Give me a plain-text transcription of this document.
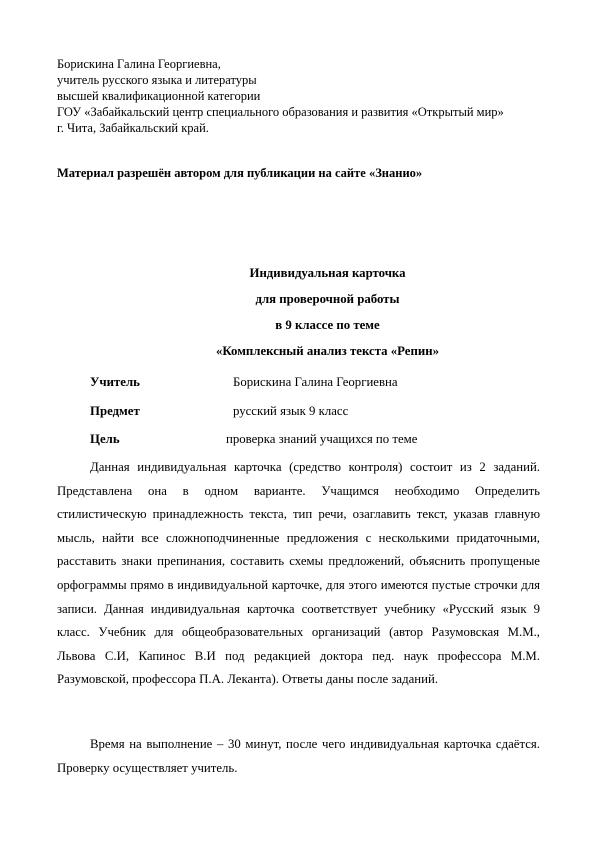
Борискина Галина Георгиевна,
учитель русского языка и литературы
высшей квалификационной категории
ГОУ «Забайкальский центр специального образования и развития «Открытый мир»
г. Чита, Забайкальский край.
Материал разрешён автором для публикации на сайте «Знанио»
Индивидуальная карточка
для проверочной работы
в 9 классе по теме
«Комплексный анализ текста «Репин»
Учитель	Борискина Галина Георгиевна
Предмет	русский язык 9 класс
Цель	проверка знаний учащихся по теме
Данная индивидуальная карточка (средство контроля) состоит из 2 заданий. Представлена она в одном варианте. Учащимся необходимо Определить стилистическую принадлежность текста, тип речи, озаглавить текст, указав главную мысль, найти все сложноподчиненные предложения с несколькими придаточными, расставить знаки препинания, составить схемы предложений, объяснить пропущеные орфограммы прямо в индивидуальной карточке, для этого имеются пустые строчки для записи. Данная индивидуальная карточка соответствует учебнику «Русский язык 9 класс. Учебник для общеобразовательных организаций (автор Разумовская М.М., Львова С.И, Капинос В.И под редакцией доктора пед. наук профессора М.М. Разумовской, профессора П.А. Леканта). Ответы даны после заданий.
Время на выполнение – 30 минут, после чего индивидуальная карточка сдаётся. Проверку осуществляет учитель.
